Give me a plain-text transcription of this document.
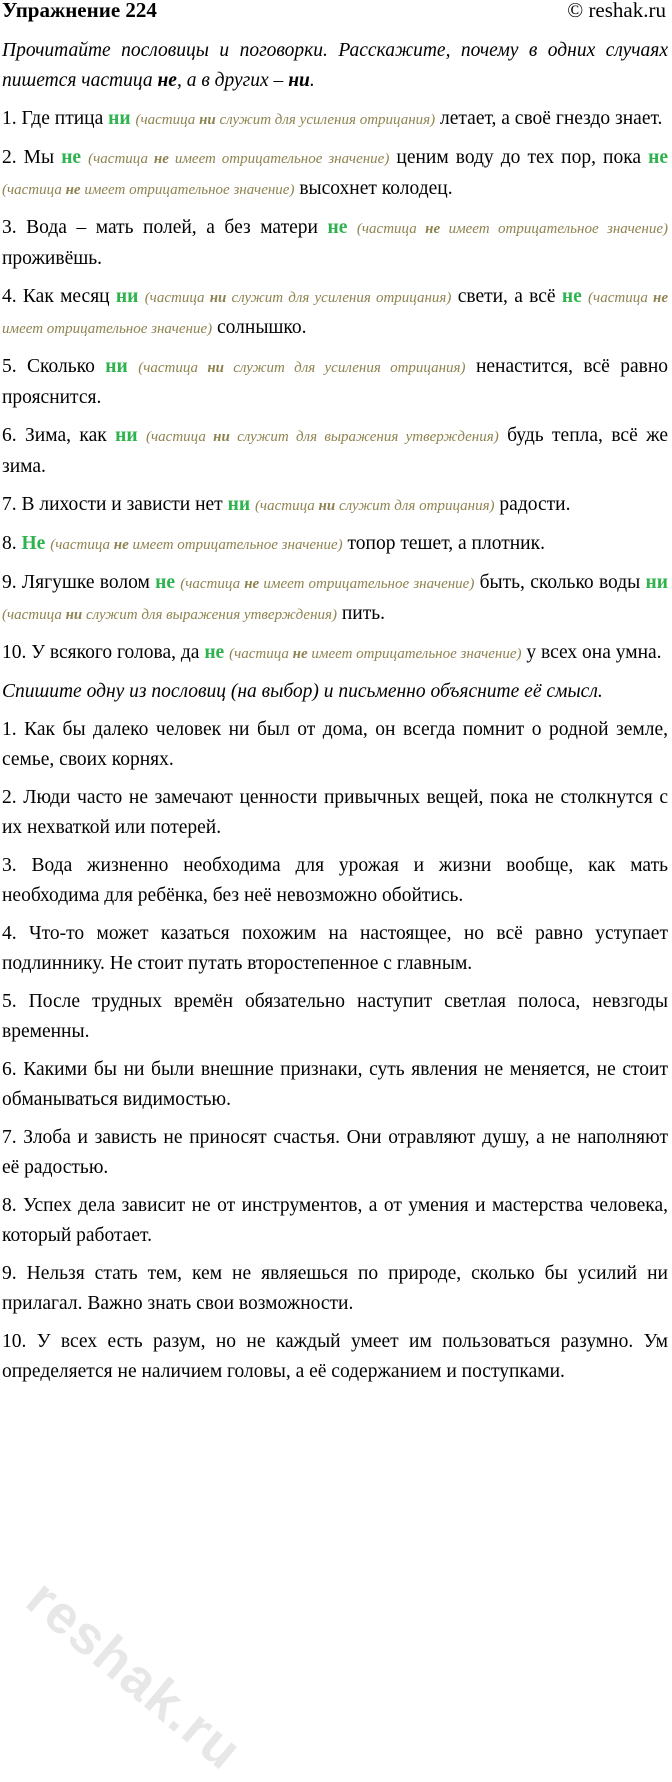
Упражнение 224	© reshak.ru

Прочитайте пословицы и поговорки. Расскажите, почему в одних случаях пишется частица не, а в других – ни.

1. Где птица ни (частица ни служит для усиления отрицания) летает, а своё гнездо знает.

2. Мы не (частица не имеет отрицательное значение) ценим воду до тех пор, пока не (частица не имеет отрицательное значение) высохнет колодец.

3. Вода – мать полей, а без матери не (частица не имеет отрицательное значение) проживёшь.

4. Как месяц ни (частица ни служит для усиления отрицания) свети, а всё не (частица не имеет отрицательное значение) солнышко.

5. Сколько ни (частица ни служит для усиления отрицания) ненастится, всё равно прояснится.

6. Зима, как ни (частица ни служит для выражения утверждения) будь тепла, всё же зима.

7. В лихости и зависти нет ни (частица ни служит для отрицания) радости.

8. Не (частица не имеет отрицательное значение) топор тешет, а плотник.

9. Лягушке волом не (частица не имеет отрицательное значение) быть, сколько воды ни (частица ни служит для выражения утверждения) пить.

10. У всякого голова, да не (частица не имеет отрицательное значение) у всех она умна.

Спишите одну из пословиц (на выбор) и письменно объясните её смысл.

1. Как бы далеко человек ни был от дома, он всегда помнит о родной земле, семье, своих корнях.

2. Люди часто не замечают ценности привычных вещей, пока не столкнутся с их нехваткой или потерей.

3. Вода жизненно необходима для урожая и жизни вообще, как мать необходима для ребёнка, без неё невозможно обойтись.

4. Что-то может казаться похожим на настоящее, но всё равно уступает подлиннику. Не стоит путать второстепенное с главным.

5. После трудных времён обязательно наступит светлая полоса, невзгоды временны.

6. Какими бы ни были внешние признаки, суть явления не меняется, не стоит обманываться видимостью.

7. Злоба и зависть не приносят счастья. Они отравляют душу, а не наполняют её радостью.

8. Успех дела зависит не от инструментов, а от умения и мастерства человека, который работает.

9. Нельзя стать тем, кем не являешься по природе, сколько бы усилий ни прилагал. Важно знать свои возможности.

10. У всех есть разум, но не каждый умеет им пользоваться разумно. Ум определяется не наличием головы, а её содержанием и поступками.

reshak.ru
